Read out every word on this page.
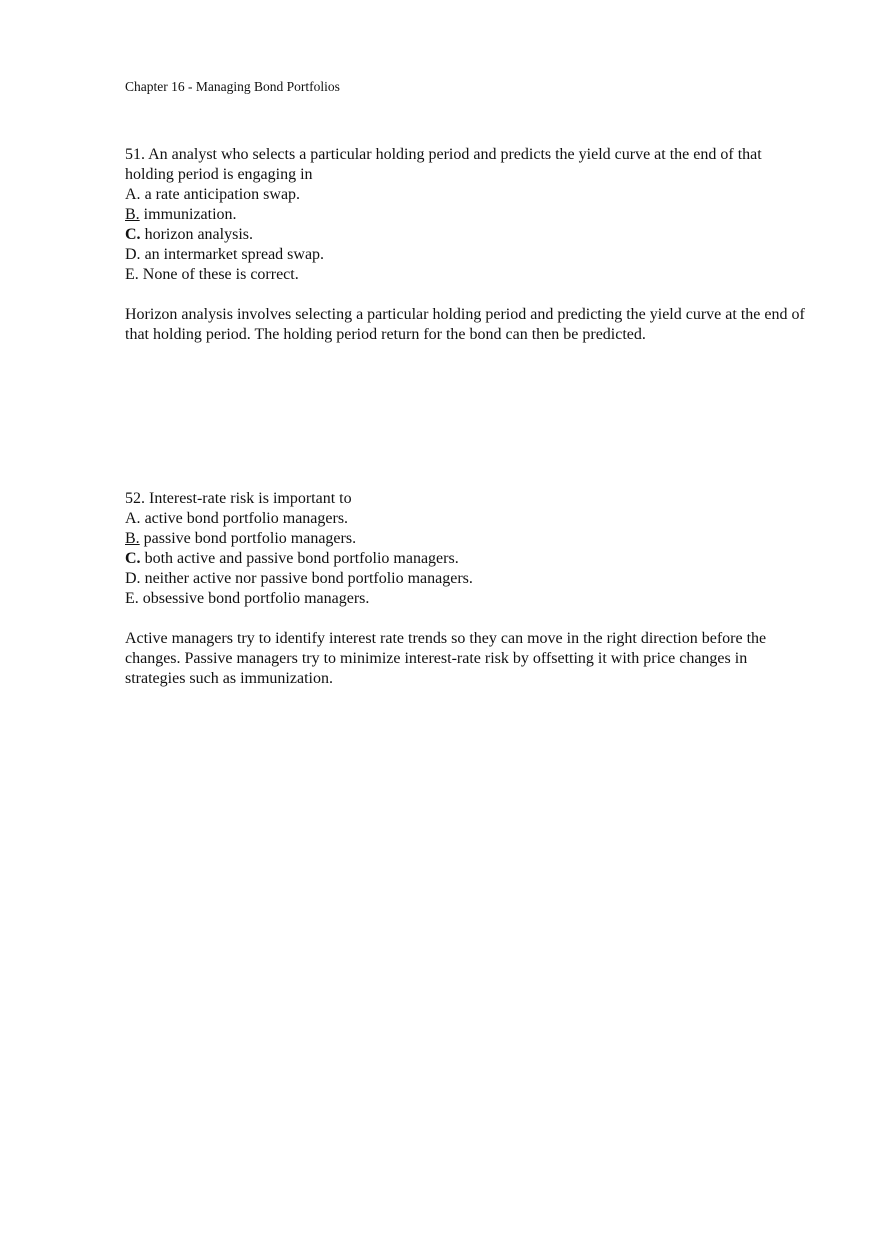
Chapter 16 - Managing Bond Portfolios

51. An analyst who selects a particular holding period and predicts the yield curve at the end of that holding period is engaging in

A. a rate anticipation swap.

B. immunization.

C. horizon analysis.

D. an intermarket spread swap.

E. None of these is correct.

Horizon analysis involves selecting a particular holding period and predicting the yield curve at the end of that holding period. The holding period return for the bond can then be predicted.

52. Interest-rate risk is important to

A. active bond portfolio managers.

B. passive bond portfolio managers.

C. both active and passive bond portfolio managers.

D. neither active nor passive bond portfolio managers.

E. obsessive bond portfolio managers.

Active managers try to identify interest rate trends so they can move in the right direction before the changes. Passive managers try to minimize interest-rate risk by offsetting it with price changes in strategies such as immunization.
